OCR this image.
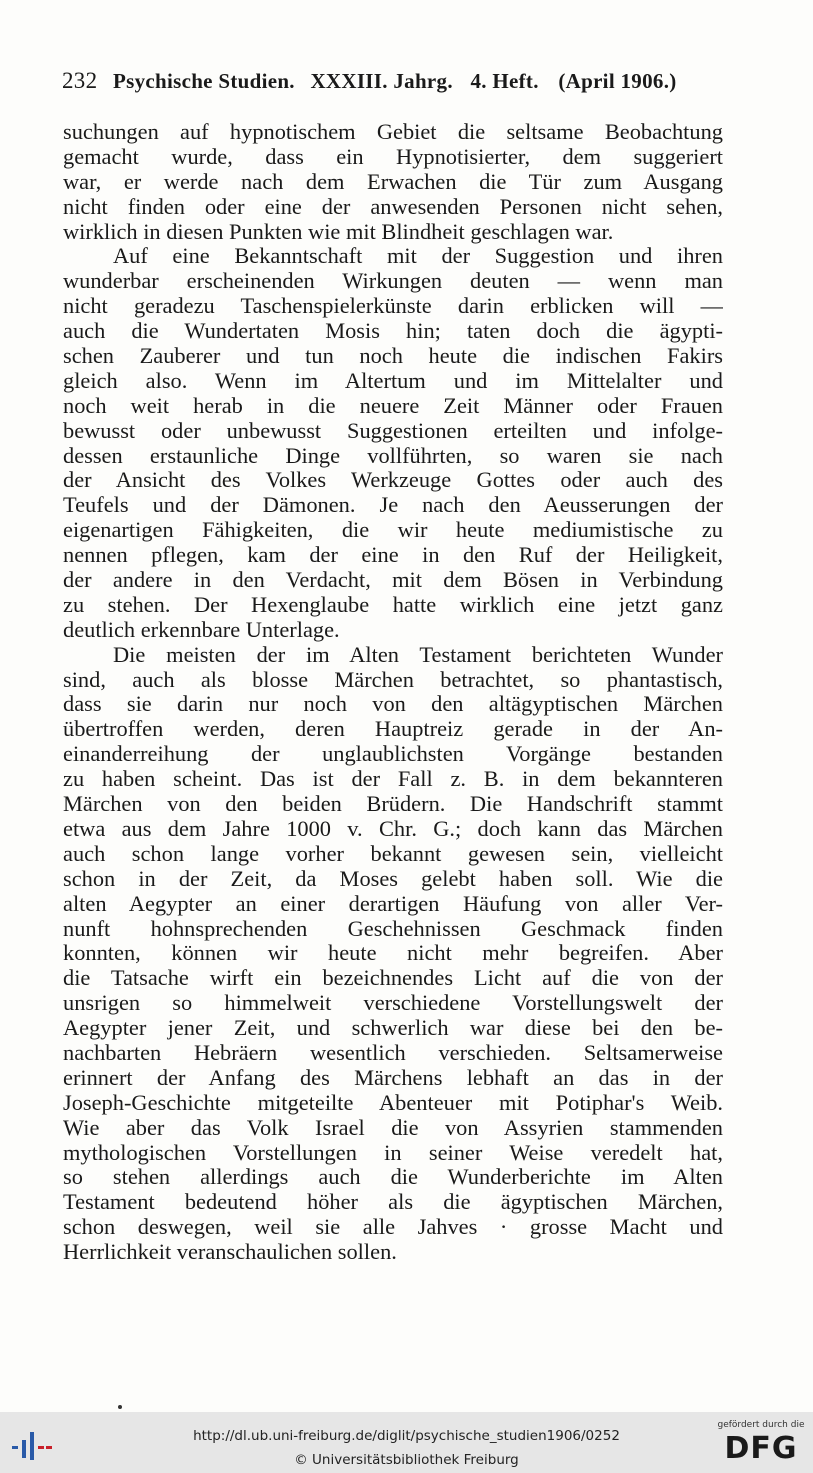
232 Psychische Studien. XXXIII. Jahrg. 4. Heft. (April 1906.)
suchungen auf hypnotischem Gebiet die seltsame Beobachtung
gemacht wurde, dass ein Hypnotisierter, dem suggeriert
war, er werde nach dem Erwachen die Tür zum Ausgang
nicht finden oder eine der anwesenden Personen nicht sehen,
wirklich in diesen Punkten wie mit Blindheit geschlagen war.
Auf eine Bekanntschaft mit der Suggestion und ihren
wunderbar erscheinenden Wirkungen deuten — wenn man
nicht geradezu Taschenspielerkünste darin erblicken will —
auch die Wundertaten Mosis hin; taten doch die ägypti-
schen Zauberer und tun noch heute die indischen Fakirs
gleich also. Wenn im Altertum und im Mittelalter und
noch weit herab in die neuere Zeit Männer oder Frauen
bewusst oder unbewusst Suggestionen erteilten und infolge-
dessen erstaunliche Dinge vollführten, so waren sie nach
der Ansicht des Volkes Werkzeuge Gottes oder auch des
Teufels und der Dämonen. Je nach den Aeusserungen der
eigenartigen Fähigkeiten, die wir heute mediumistische zu
nennen pflegen, kam der eine in den Ruf der Heiligkeit,
der andere in den Verdacht, mit dem Bösen in Verbindung
zu stehen. Der Hexenglaube hatte wirklich eine jetzt ganz
deutlich erkennbare Unterlage.
Die meisten der im Alten Testament berichteten Wunder
sind, auch als blosse Märchen betrachtet, so phantastisch,
dass sie darin nur noch von den altägyptischen Märchen
übertroffen werden, deren Hauptreiz gerade in der An-
einanderreihung der unglaublichsten Vorgänge bestanden
zu haben scheint. Das ist der Fall z. B. in dem bekannteren
Märchen von den beiden Brüdern. Die Handschrift stammt
etwa aus dem Jahre 1000 v. Chr. G.; doch kann das Märchen
auch schon lange vorher bekannt gewesen sein, vielleicht
schon in der Zeit, da Moses gelebt haben soll. Wie die
alten Aegypter an einer derartigen Häufung von aller Ver-
nunft hohnsprechenden Geschehnissen Geschmack finden
konnten, können wir heute nicht mehr begreifen. Aber
die Tatsache wirft ein bezeichnendes Licht auf die von der
unsrigen so himmelweit verschiedene Vorstellungswelt der
Aegypter jener Zeit, und schwerlich war diese bei den be-
nachbarten Hebräern wesentlich verschieden. Seltsamerweise
erinnert der Anfang des Märchens lebhaft an das in der
Joseph-Geschichte mitgeteilte Abenteuer mit Potiphar's Weib.
Wie aber das Volk Israel die von Assyrien stammenden
mythologischen Vorstellungen in seiner Weise veredelt hat,
so stehen allerdings auch die Wunderberichte im Alten
Testament bedeutend höher als die ägyptischen Märchen,
schon deswegen, weil sie alle Jahves · grosse Macht und
Herrlichkeit veranschaulichen sollen.
http://dl.ub.uni-freiburg.de/diglit/psychische_studien1906/0252
© Universitätsbibliothek Freiburg
gefördert durch die
DFG
